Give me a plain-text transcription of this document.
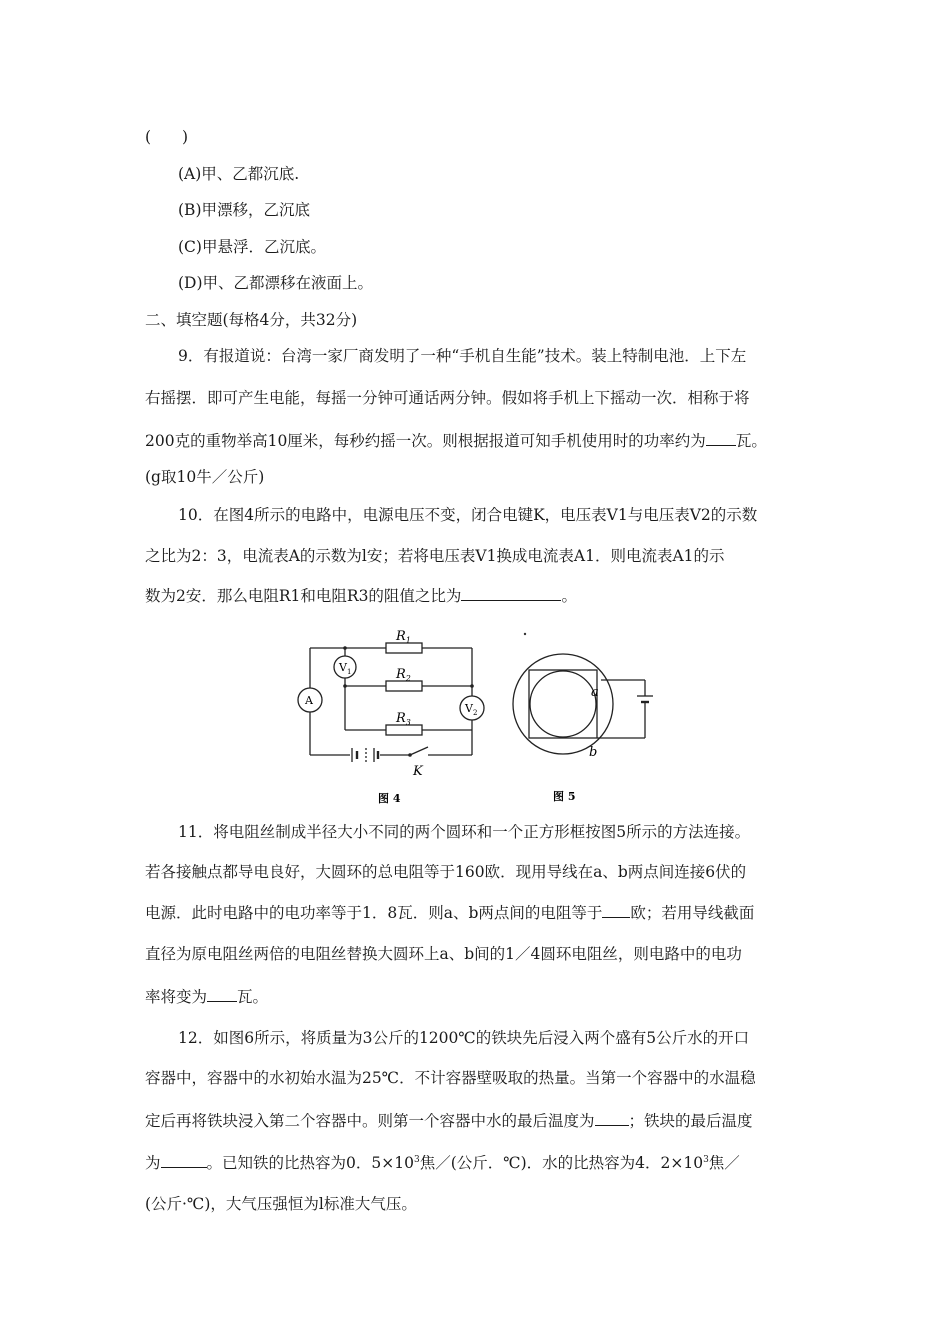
(　　)
(A)甲、乙都沉底.
(B)甲漂移，乙沉底
(C)甲悬浮．乙沉底。
(D)甲、乙都漂移在液面上。
二、填空题(每格4分，共32分)
9．有报道说：台湾一家厂商发明了一种“手机自生能”技术。装上特制电池．上下左
右摇摆．即可产生电能，每摇一分钟可通话两分钟。假如将手机上下摇动一次．相称于将
200克的重物举高10厘米，每秒约摇一次。则根据报道可知手机使用时的功率约为 瓦。
(g取10牛／公斤)
10．在图4所示的电路中，电源电压不变，闭合电键K，电压表V1与电压表V2的示数
之比为2：3，电流表A的示数为l安；若将电压表V1换成电流表A1．则电流表A1的示
数为2安．那么电阻R1和电阻R3的阻值之比为	。
$R_1$
$R_2$
$R_3$
$V_1$
A
$V_2$
K
图 4
a
b
图 5
11．将电阻丝制成半径大小不同的两个圆环和一个正方形框按图5所示的方法连接。
若各接触点都导电良好，大圆环的总电阻等于160欧．现用导线在a、b两点间连接6伏的
电源．此时电路中的电功率等于1．8瓦．则a、b两点间的电阻等于 欧；若用导线截面
直径为原电阻丝两倍的电阻丝替换大圆环上a、b间的1／4圆环电阻丝，则电路中的电功
率将变为 瓦。
12．如图6所示，将质量为3公斤的1200℃的铁块先后浸入两个盛有5公斤水的开口
容器中，容器中的水初始水温为25℃．不计容器壁吸取的热量。当第一个容器中的水温稳
定后再将铁块浸入第二个容器中。则第一个容器中水的最后温度为 ；铁块的最后温度
为	。已知铁的比热容为0．$5\times 10^3$焦／(公斤．℃)．水的比热容为4．$2\times 10^3$焦／
(公斤·℃)，大气压强恒为l标准大气压。
